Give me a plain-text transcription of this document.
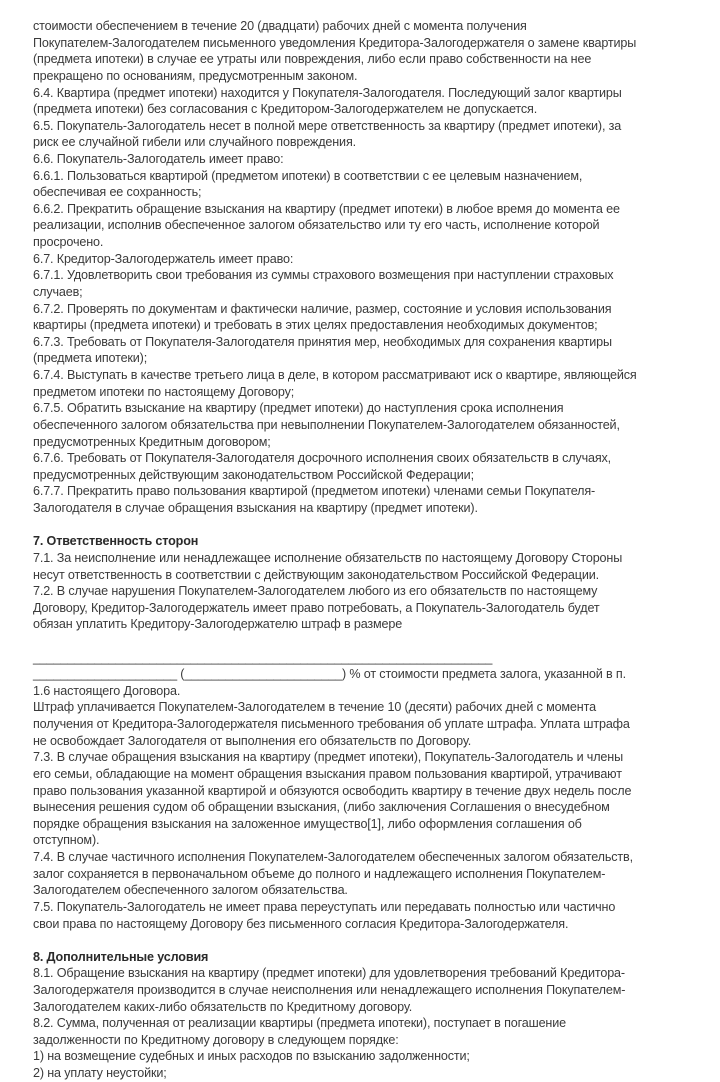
стоимости обеспечением в течение 20 (двадцати) рабочих дней с момента получения
Покупателем-Залогодателем письменного уведомления Кредитора-Залогодержателя о замене квартиры
(предмета ипотеки) в случае ее утраты или повреждения, либо если право собственности на нее
прекращено по основаниям, предусмотренным законом.
6.4. Квартира (предмет ипотеки) находится у Покупателя-Залогодателя. Последующий залог квартиры
(предмета ипотеки) без согласования с Кредитором-Залогодержателем не допускается.
6.5. Покупатель-Залогодатель несет в полной мере ответственность за квартиру (предмет ипотеки), за
риск ее случайной гибели или случайного повреждения.
6.6. Покупатель-Залогодатель имеет право:
6.6.1. Пользоваться квартирой (предметом ипотеки) в соответствии с ее целевым назначением,
обеспечивая ее сохранность;
6.6.2. Прекратить обращение взыскания на квартиру (предмет ипотеки) в любое время до момента ее
реализации, исполнив обеспеченное залогом обязательство или ту его часть, исполнение которой
просрочено.
6.7. Кредитор-Залогодержатель имеет право:
6.7.1. Удовлетворить свои требования из суммы страхового возмещения при наступлении страховых
случаев;
6.7.2. Проверять по документам и фактически наличие, размер, состояние и условия использования
квартиры (предмета ипотеки) и требовать в этих целях предоставления необходимых документов;
6.7.3. Требовать от Покупателя-Залогодателя принятия мер, необходимых для сохранения квартиры
(предмета ипотеки);
6.7.4. Выступать в качестве третьего лица в деле, в котором рассматривают иск о квартире, являющейся
предметом ипотеки по настоящему Договору;
6.7.5. Обратить взыскание на квартиру (предмет ипотеки) до наступления срока исполнения
обеспеченного залогом обязательства при невыполнении Покупателем-Залогодателем обязанностей,
предусмотренных Кредитным договором;
6.7.6. Требовать от Покупателя-Залогодателя досрочного исполнения своих обязательств в случаях,
предусмотренных действующим законодательством Российской Федерации;
6.7.7. Прекратить право пользования квартирой (предметом ипотеки) членами семьи Покупателя-
Залогодателя в случае обращения взыскания на квартиру (предмет ипотеки).
7. Ответственность сторон
7.1. За неисполнение или ненадлежащее исполнение обязательств по настоящему Договору Стороны
несут ответственность в соответствии с действующим законодательством Российской Федерации.
7.2. В случае нарушения Покупателем-Залогодателем любого из его обязательств по настоящему
Договору, Кредитор-Залогодержатель имеет право потребовать, а Покупатель-Залогодатель будет
обязан уплатить Кредитору-Залогодержателю штраф в размере
___________________________________________________________________
_____________________ (_______________________) % от стоимости предмета залога, указанной в п.
1.6 настоящего Договора.
Штраф уплачивается Покупателем-Залогодателем в течение 10 (десяти) рабочих дней с момента
получения от Кредитора-Залогодержателя письменного требования об уплате штрафа. Уплата штрафа
не освобождает Залогодателя от выполнения его обязательств по Договору.
7.3. В случае обращения взыскания на квартиру (предмет ипотеки), Покупатель-Залогодатель и члены
его семьи, обладающие на момент обращения взыскания правом пользования квартирой, утрачивают
право пользования указанной квартирой и обязуются освободить квартиру в течение двух недель после
вынесения решения судом об обращении взыскания, (либо заключения Соглашения о внесудебном
порядке обращения взыскания на заложенное имущество[1], либо оформления соглашения об
отступном).
7.4. В случае частичного исполнения Покупателем-Залогодателем обеспеченных залогом обязательств,
залог сохраняется в первоначальном объеме до полного и надлежащего исполнения Покупателем-
Залогодателем обеспеченного залогом обязательства.
7.5. Покупатель-Залогодатель не имеет права переуступать или передавать полностью или частично
свои права по настоящему Договору без письменного согласия Кредитора-Залогодержателя.
8. Дополнительные условия
8.1. Обращение взыскания на квартиру (предмет ипотеки) для удовлетворения требований Кредитора-
Залогодержателя производится в случае неисполнения или ненадлежащего исполнения Покупателем-
Залогодателем каких-либо обязательств по Кредитному договору.
8.2. Сумма, полученная от реализации квартиры (предмета ипотеки), поступает в погашение
задолженности по Кредитному договору в следующем порядке:
1) на возмещение судебных и иных расходов по взысканию задолженности;
2) на уплату неустойки;
